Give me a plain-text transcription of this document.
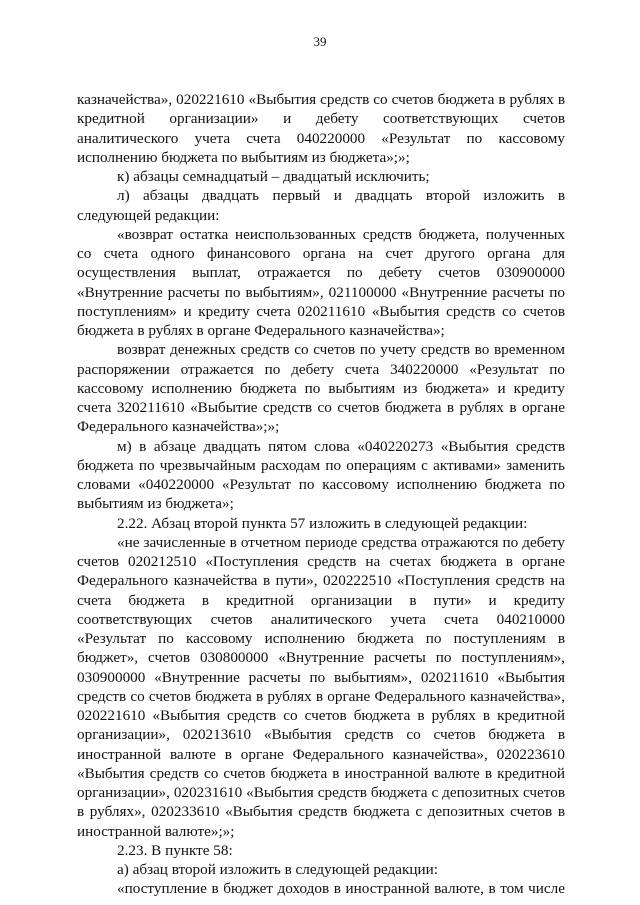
39

казначейства», 020221610 «Выбытия средств со счетов бюджета в рублях в кредитной организации» и дебету соответствующих счетов аналитического учета счета 040220000 «Результат по кассовому исполнению бюджета по выбытиям из бюджета»;»;

к) абзацы семнадцатый – двадцатый исключить;

л) абзацы двадцать первый и двадцать второй изложить в следующей редакции:

«возврат остатка неиспользованных средств бюджета, полученных со счета одного финансового органа на счет другого органа для осуществления выплат, отражается по дебету счетов 030900000 «Внутренние расчеты по выбытиям», 021100000 «Внутренние расчеты по поступлениям» и кредиту счета 020211610 «Выбытия средств со счетов бюджета в рублях в органе Федерального казначейства»;

возврат денежных средств со счетов по учету средств во временном распоряжении отражается по дебету счета 340220000 «Результат по кассовому исполнению бюджета по выбытиям из бюджета» и кредиту счета 320211610 «Выбытие средств со счетов бюджета в рублях в органе Федерального казначейства»;»;

м) в абзаце двадцать пятом слова «040220273 «Выбытия средств бюджета по чрезвычайным расходам по операциям с активами» заменить словами «040220000 «Результат по кассовому исполнению бюджета по выбытиям из бюджета»;

2.22. Абзац второй пункта 57 изложить в следующей редакции:

«не зачисленные в отчетном периоде средства отражаются по дебету счетов 020212510 «Поступления средств на счетах бюджета в органе Федерального казначейства в пути», 020222510 «Поступления средств на счета бюджета в кредитной организации в пути» и кредиту соответствующих счетов аналитического учета счета 040210000 «Результат по кассовому исполнению бюджета по поступлениям в бюджет», счетов 030800000 «Внутренние расчеты по поступлениям», 030900000 «Внутренние расчеты по выбытиям», 020211610 «Выбытия средств со счетов бюджета в рублях в органе Федерального казначейства», 020221610 «Выбытия средств со счетов бюджета в рублях в кредитной организации», 020213610 «Выбытия средств со счетов бюджета в иностранной валюте в органе Федерального казначейства», 020223610 «Выбытия средств со счетов бюджета в иностранной валюте в кредитной организации», 020231610 «Выбытия средств бюджета с депозитных счетов в рублях», 020233610 «Выбытия средств бюджета с депозитных счетов в иностранной валюте»;»;

2.23. В пункте 58:

а) абзац второй изложить в следующей редакции:

«поступление в бюджет доходов в иностранной валюте, в том числе
